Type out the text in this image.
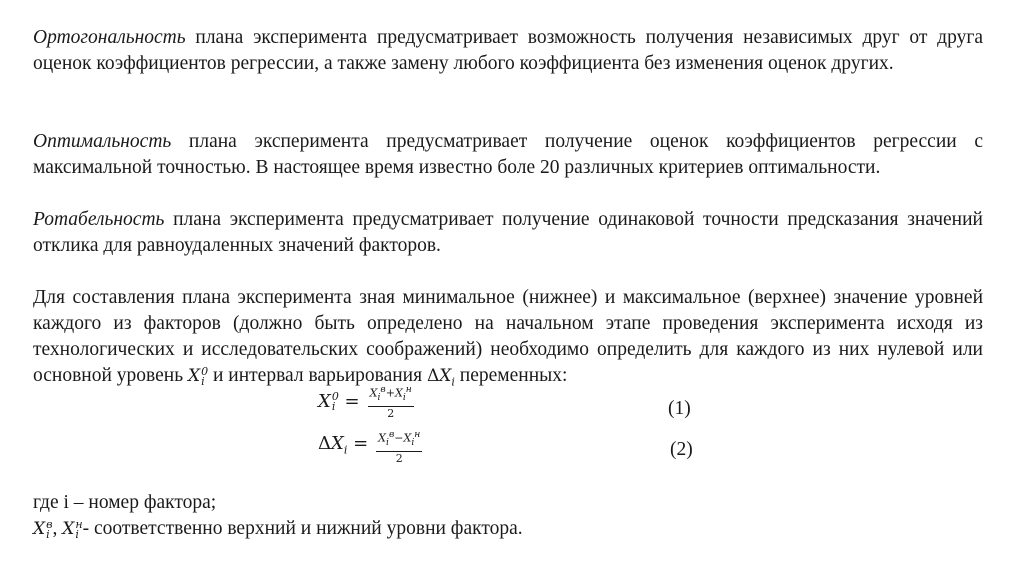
Ортогональность плана эксперимента предусматривает возможность получения независимых друг от друга оценок коэффициентов регрессии, а также замену любого коэффициента без изменения оценок других.

Оптимальность плана эксперимента предусматривает получение оценок коэффициентов регрессии с максимальной точностью. В настоящее время известно боле 20 различных критериев оптимальности.

Ротабельность плана эксперимента предусматривает получение одинаковой точности предсказания значений отклика для равноудаленных значений факторов.

Для составления плана эксперимента зная минимальное (нижнее) и максимальное (верхнее) значение уровней каждого из факторов (должно быть определено на начальном этапе проведения эксперимента исходя из технологических и исследовательских соображений) необходимо определить для каждого из них нулевой или основной уровень X 0
i и интервал варьирования $\Delta X_i$ переменных:

X 0
$i = \frac{X_i^в+X_i^н}{2}$	(1)
$\Delta X_i = \frac{X_i^в-X_i^н}{2}$	(2)

где i – номер фактора;

X в
i , X н
i - соответственно верхний и нижний уровни фактора.
